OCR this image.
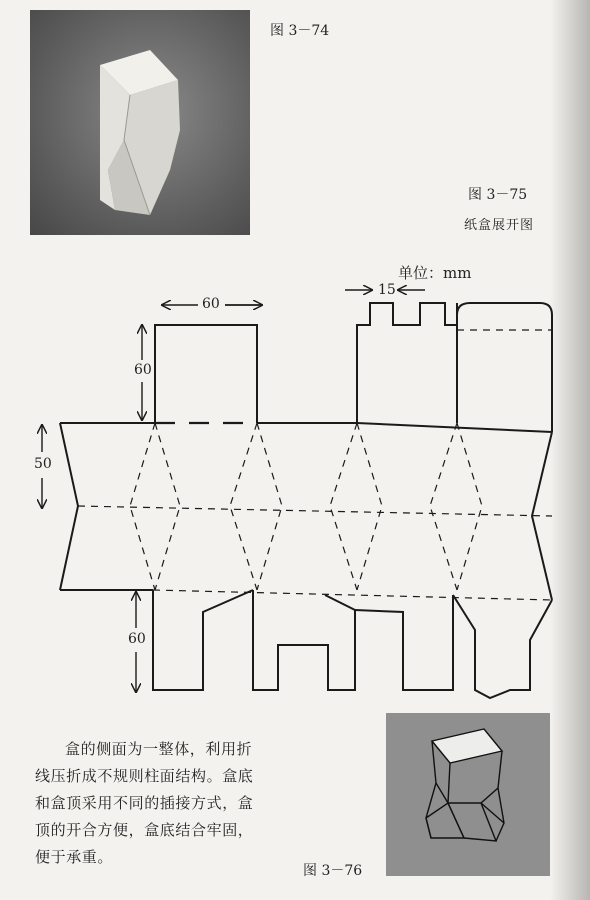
图 3－74
图 3－75
纸盒展开图
单位：mm
60
60
50
60
15
盒的侧面为一整体，利用折线压折成不规则柱面结构。盒底和盒顶采用不同的插接方式，盒顶的开合方便，盒底结合牢固，便于承重。
图 3－76
